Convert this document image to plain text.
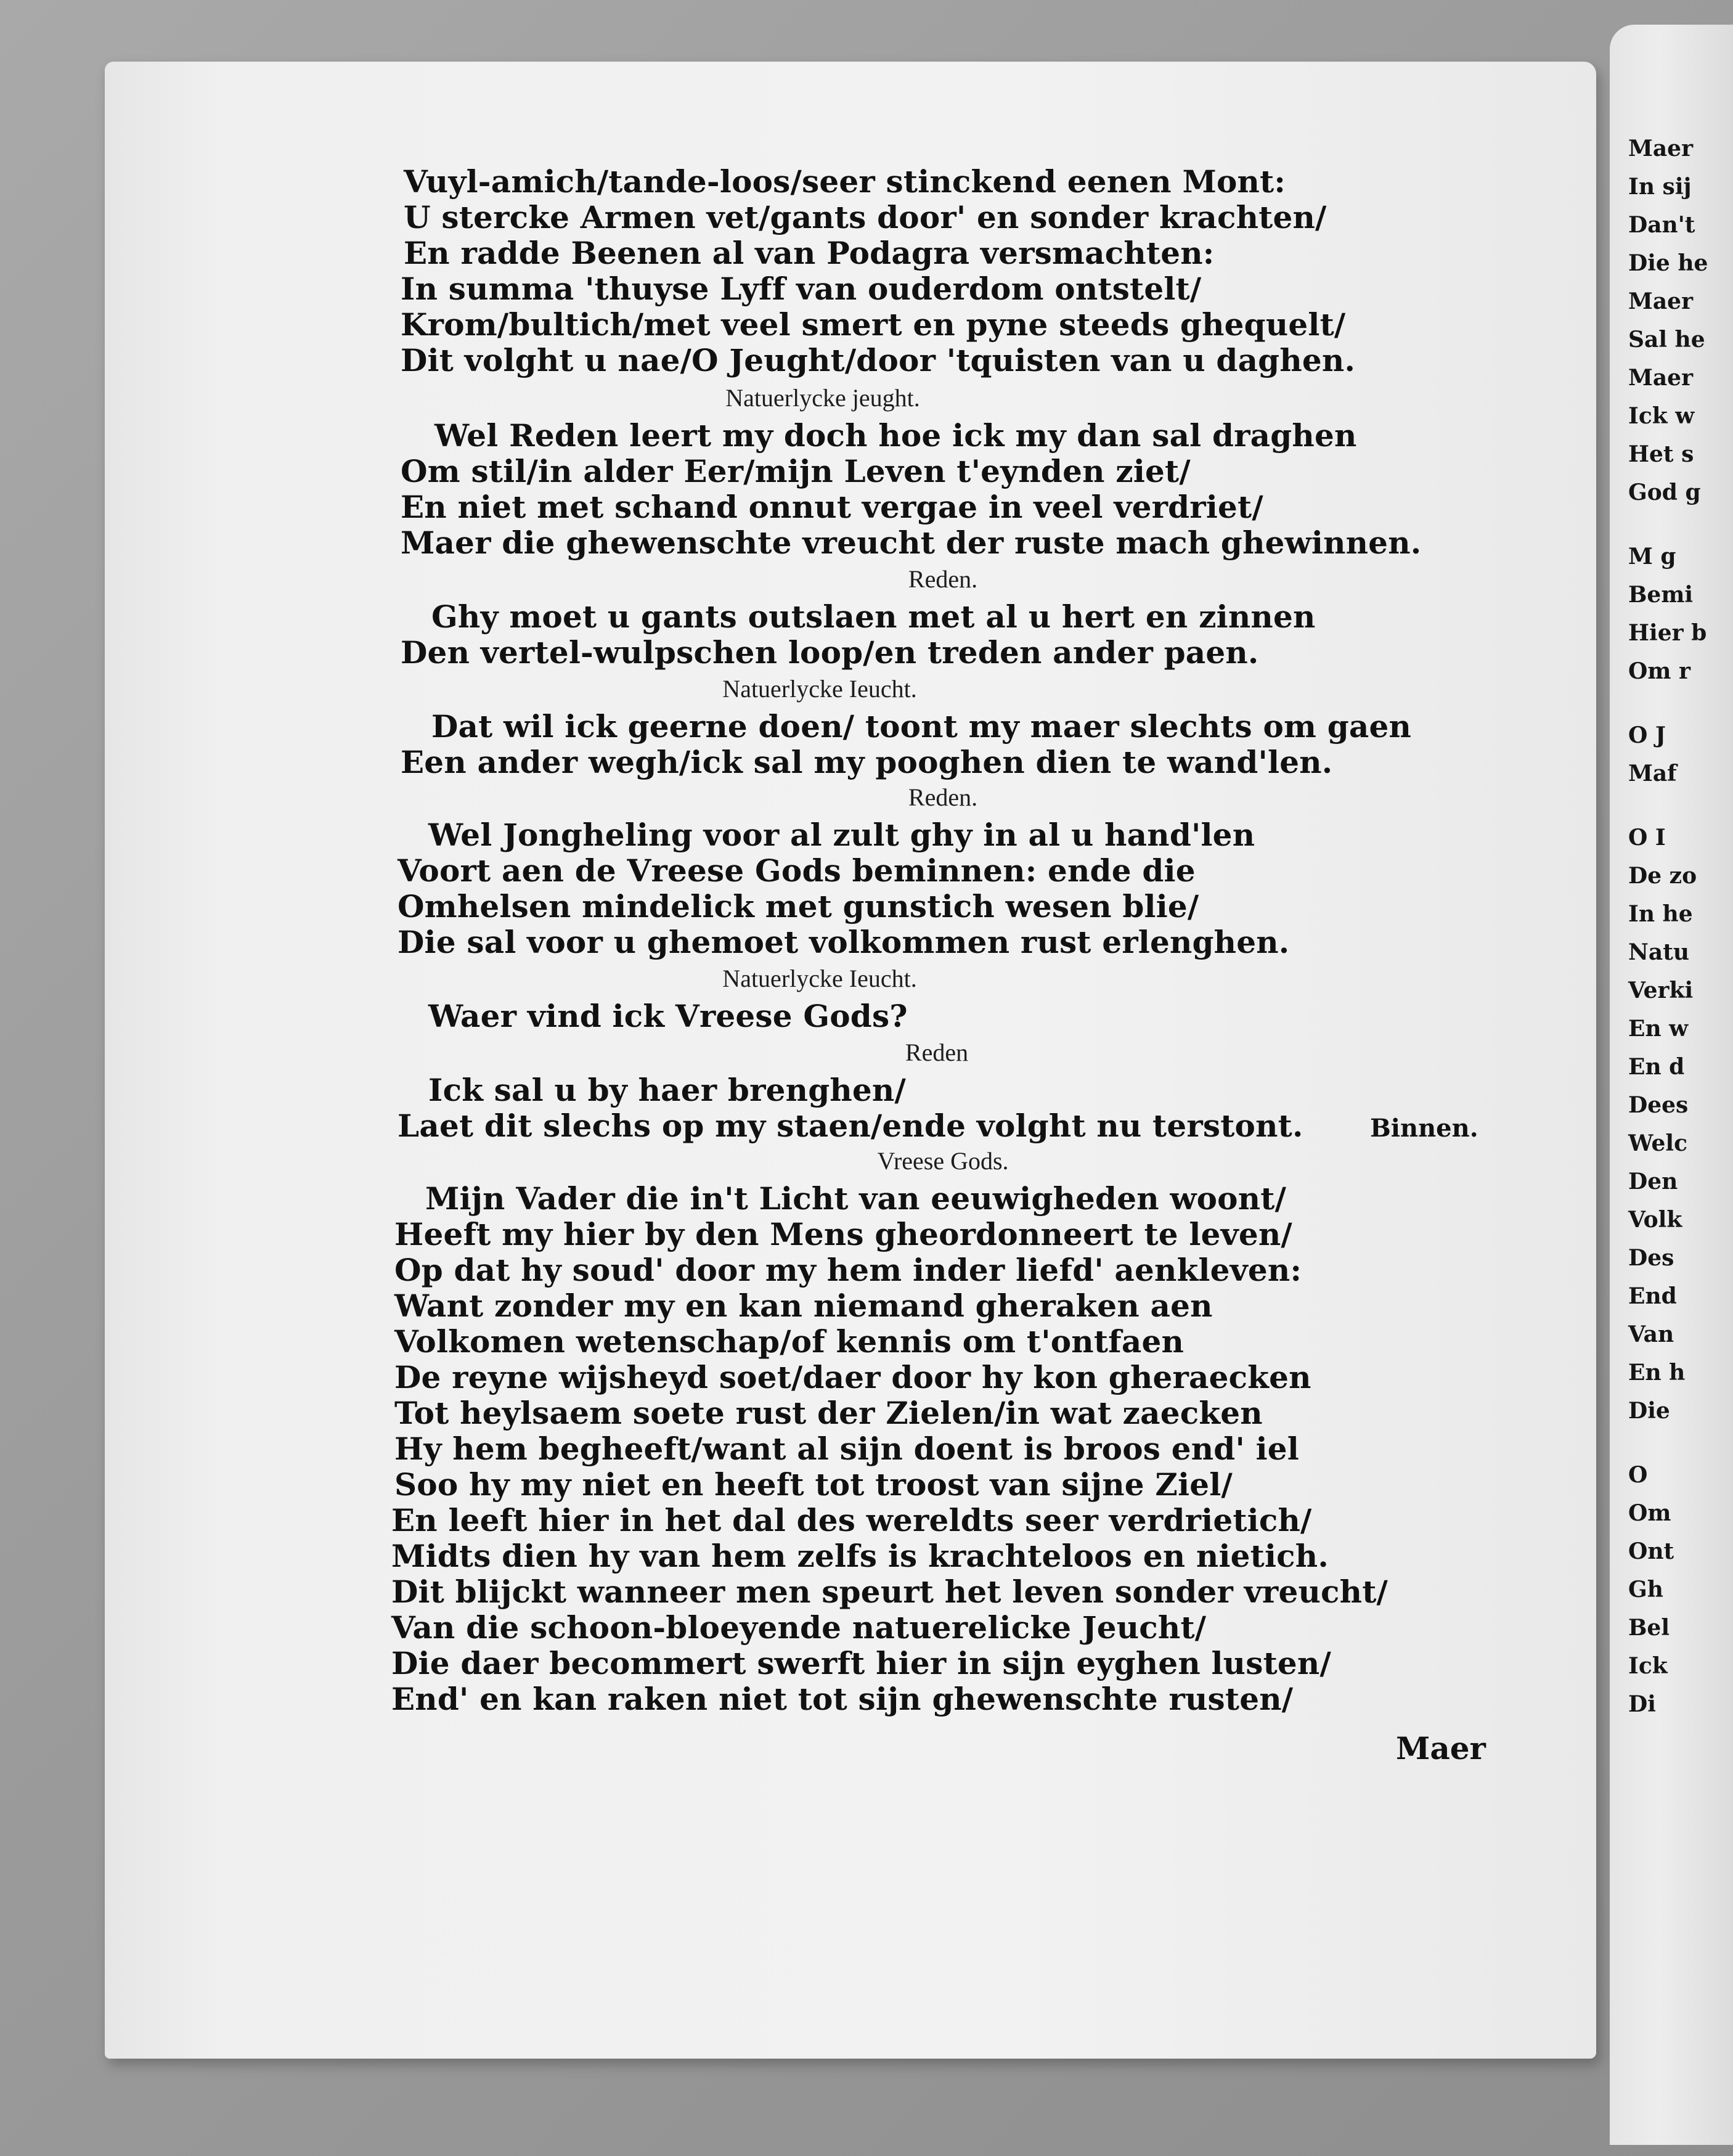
Maer
In sij
Dan't
Die he
Maer
Sal he
Maer
Ick w
Het s
God g
M g
Bemi
Hier b
Om r
O J
Maf
O I
De zo
In he
Natu
Verki
En w
En d
Dees
Welc
Den
Volk
Des
End
Van
En h
Die
O
Om
Ont
Gh
Bel
Ick
Di
Vuyl-amich/tande-loos/seer stinckend eenen Mont:
U stercke Armen vet/gants door' en sonder krachten/
En radde Beenen al van Podagra versmachten:
In summa 'thuyse Lyff van ouderdom ontstelt/
Krom/bultich/met veel smert en pyne steeds ghequelt/
Dit volght u nae/O Jeught/door 'tquisten van u daghen.
Natuerlycke jeught.
Wel Reden leert my doch hoe ick my dan sal draghen
Om stil/in alder Eer/mijn Leven t'eynden ziet/
En niet met schand onnut vergae in veel verdriet/
Maer die ghewenschte vreucht der ruste mach ghewinnen.
Reden.
Ghy moet u gants outslaen met al u hert en zinnen
Den vertel-wulpschen loop/en treden ander paen.
Natuerlycke Ieucht.
Dat wil ick geerne doen/ toont my maer slechts om gaen
Een ander wegh/ick sal my pooghen dien te wand'len.
Reden.
Wel Jongheling voor al zult ghy in al u hand'len
Voort aen de Vreese Gods beminnen: ende die
Omhelsen mindelick met gunstich wesen blie/
Die sal voor u ghemoet volkommen rust erlenghen.
Natuerlycke Ieucht.
Waer vind ick Vreese Gods?
Reden
Ick sal u by haer brenghen/
Laet dit slechs op my staen/ende volght nu terstont.	Binnen.
Vreese Gods.
Mijn Vader die in't Licht van eeuwigheden woont/
Heeft my hier by den Mens gheordonneert te leven/
Op dat hy soud' door my hem inder liefd' aenkleven:
Want zonder my en kan niemand gheraken aen
Volkomen wetenschap/of kennis om t'ontfaen
De reyne wijsheyd soet/daer door hy kon gheraecken
Tot heylsaem soete rust der Zielen/in wat zaecken
Hy hem begheeft/want al sijn doent is broos end' iel
Soo hy my niet en heeft tot troost van sijne Ziel/
En leeft hier in het dal des wereldts seer verdrietich/
Midts dien hy van hem zelfs is krachteloos en nietich.
Dit blijckt wanneer men speurt het leven sonder vreucht/
Van die schoon-bloeyende natuerelicke Jeucht/
Die daer becommert swerft hier in sijn eyghen lusten/
End' en kan raken niet tot sijn ghewenschte rusten/
Maer
